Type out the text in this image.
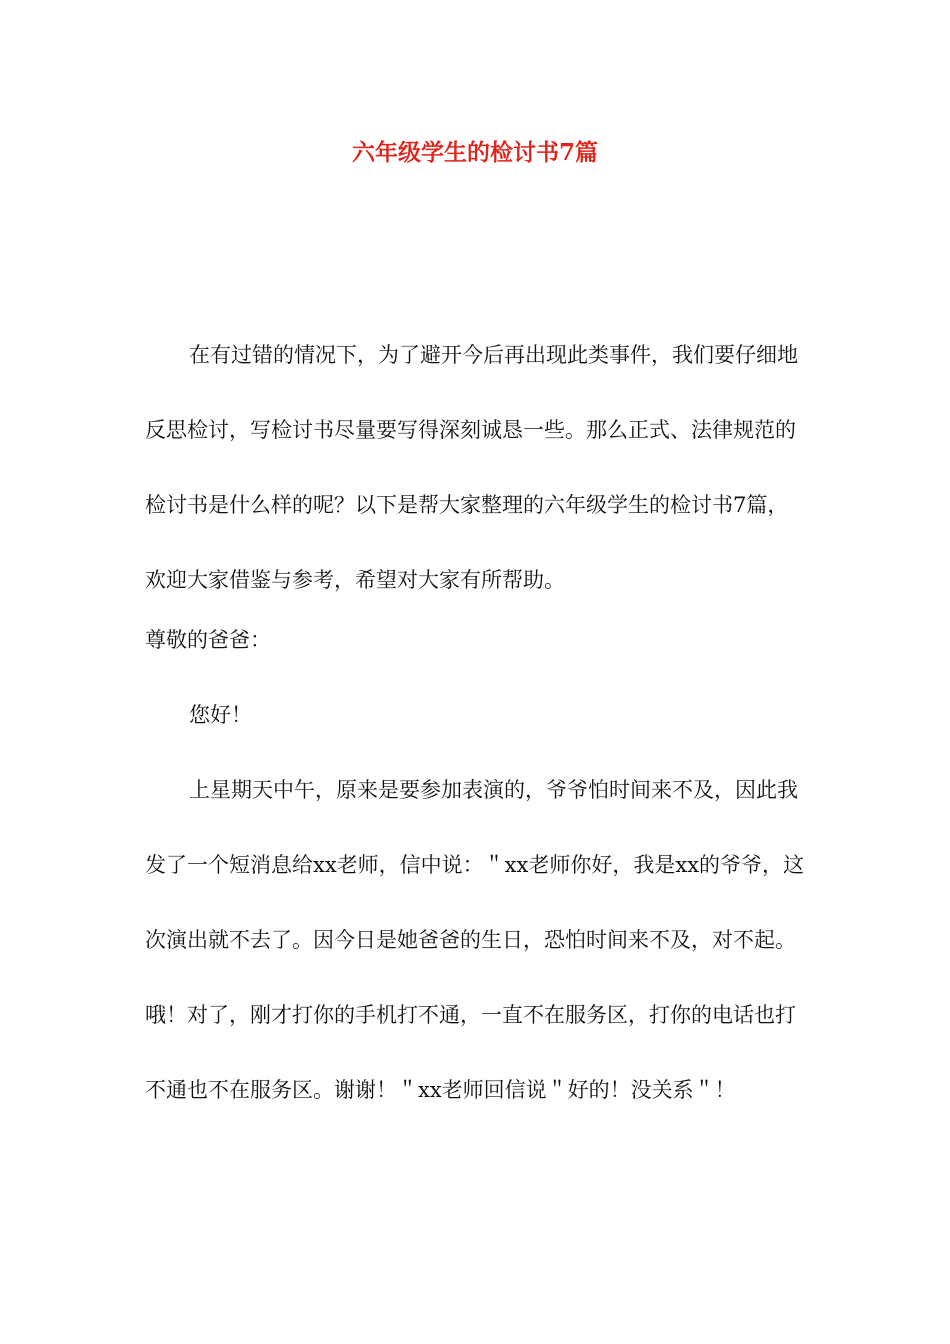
六年级学生的检讨书7篇

在有过错的情况下，为了避开今后再出现此类事件，我们要仔细地反思检讨，写检讨书尽量要写得深刻诚恳一些。那么正式、法律规范的检讨书是什么样的呢？以下是帮大家整理的六年级学生的检讨书7篇，欢迎大家借鉴与参考，希望对大家有所帮助。

尊敬的爸爸：

您好！

上星期天中午，原来是要参加表演的，爷爷怕时间来不及，因此我发了一个短消息给xx老师，信中说：＂xx老师你好，我是xx的爷爷，这次演出就不去了。因今日是她爸爸的生日，恐怕时间来不及，对不起。哦！对了，刚才打你的手机打不通，一直不在服务区，打你的电话也打不通也不在服务区。谢谢！＂xx老师回信说＂好的！没关系＂！
